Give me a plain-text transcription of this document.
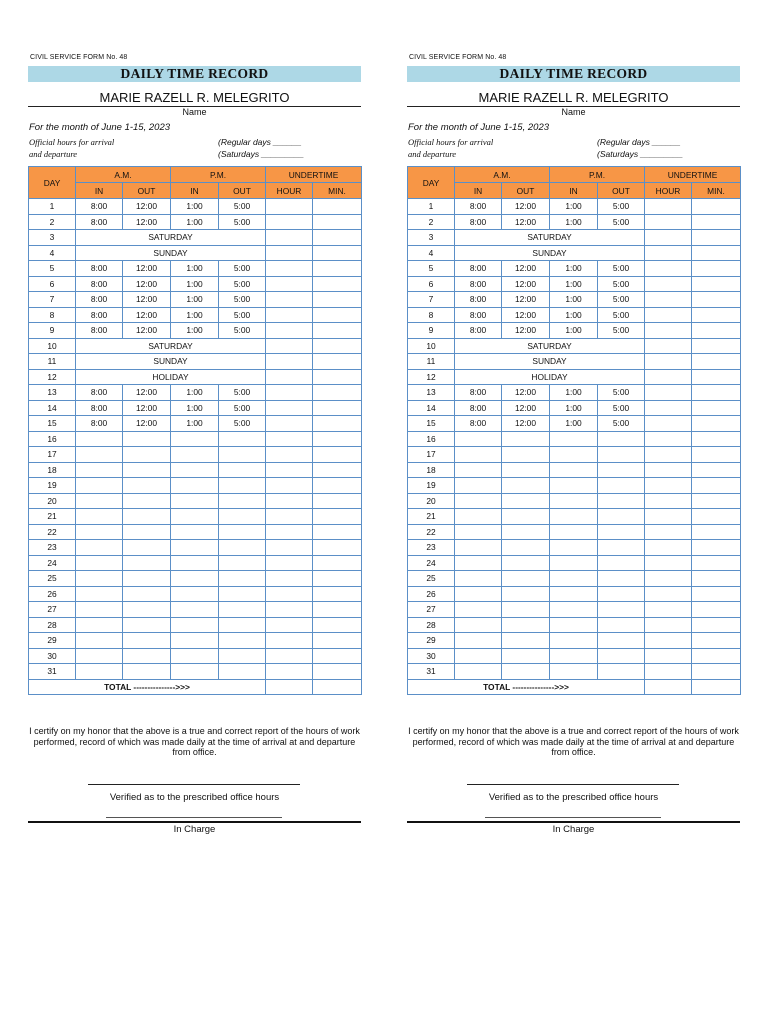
CIVIL SERVICE FORM No. 48
DAILY TIME RECORD
MARIE RAZELL R. MELEGRITO
Name
For the month of June 1-15, 2023
Official hours for arrival
and departure
(Regular days ______
(Saturdays _________
DAY	A.M.		P.M.		UNDERTIME	
	IN	OUT	IN	OUT	HOUR	MIN.
1	8:00	12:00	1:00	5:00		
2	8:00	12:00	1:00	5:00		
3	SATURDAY					
4	SUNDAY					
5	8:00	12:00	1:00	5:00		
6	8:00	12:00	1:00	5:00		
7	8:00	12:00	1:00	5:00		
8	8:00	12:00	1:00	5:00		
9	8:00	12:00	1:00	5:00		
10	SATURDAY					
11	SUNDAY					
12	HOLIDAY					
13	8:00	12:00	1:00	5:00		
14	8:00	12:00	1:00	5:00		
15	8:00	12:00	1:00	5:00		
16						
17						
18						
19						
20						
21						
22						
23						
24						
25						
26						
27						
28						
29						
30						
31						
TOTAL --------------->>>						
I certify on my honor that the above is a true and correct report of the hours of work performed, record of which was made daily at the time of arrival at and departure from office.
Verified as to the prescribed office hours
In Charge
CIVIL SERVICE FORM No. 48
DAILY TIME RECORD
MARIE RAZELL R. MELEGRITO
Name
For the month of June 1-15, 2023
Official hours for arrival
and departure
(Regular days ______
(Saturdays _________
DAY	A.M.		P.M.		UNDERTIME	
	IN	OUT	IN	OUT	HOUR	MIN.
1	8:00	12:00	1:00	5:00		
2	8:00	12:00	1:00	5:00		
3	SATURDAY					
4	SUNDAY					
5	8:00	12:00	1:00	5:00		
6	8:00	12:00	1:00	5:00		
7	8:00	12:00	1:00	5:00		
8	8:00	12:00	1:00	5:00		
9	8:00	12:00	1:00	5:00		
10	SATURDAY					
11	SUNDAY					
12	HOLIDAY					
13	8:00	12:00	1:00	5:00		
14	8:00	12:00	1:00	5:00		
15	8:00	12:00	1:00	5:00		
16						
17						
18						
19						
20						
21						
22						
23						
24						
25						
26						
27						
28						
29						
30						
31						
TOTAL --------------->>>						
I certify on my honor that the above is a true and correct report of the hours of work performed, record of which was made daily at the time of arrival at and departure from office.
Verified as to the prescribed office hours
In Charge
